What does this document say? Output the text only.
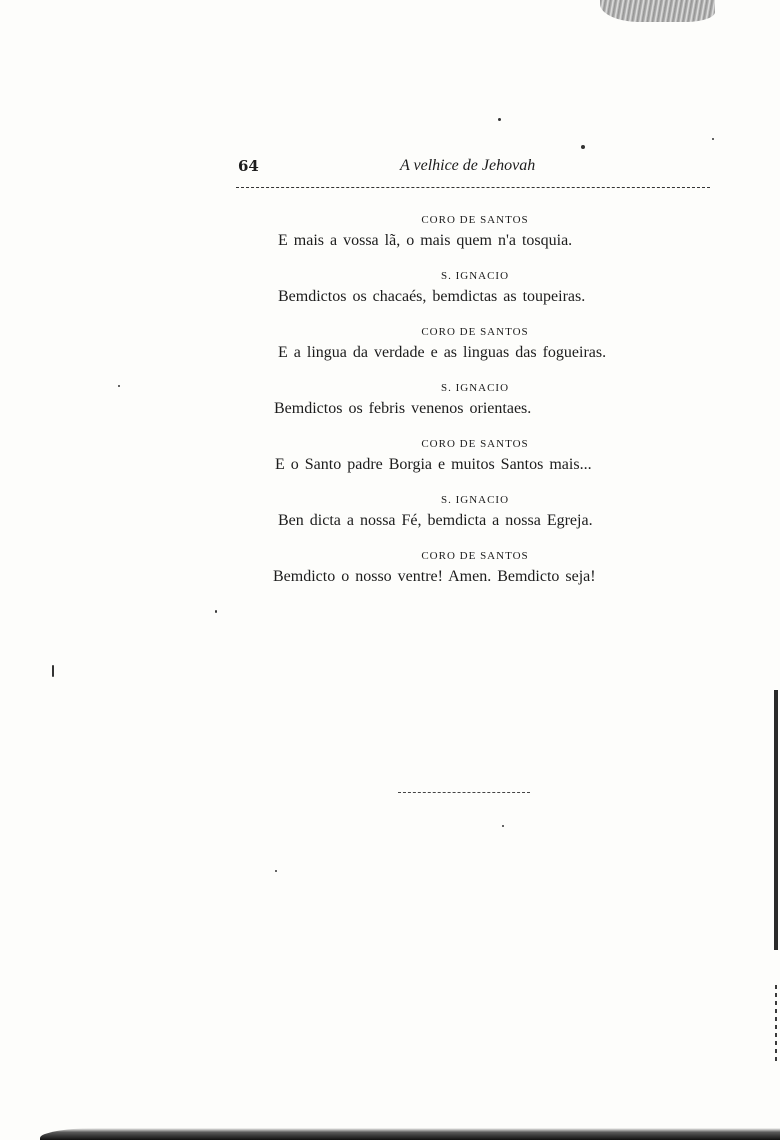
64	A velhice de Jehovah

CORO DE SANTOS

E mais a vossa lã, o mais quem n'a tosquia.

S. IGNACIO

Bemdictos os chacaés, bemdictas as toupeiras.

CORO DE SANTOS

E a lingua da verdade e as linguas das fogueiras.

S. IGNACIO

Bemdictos os febris venenos orientaes.

CORO DE SANTOS

E o Santo padre Borgia e muitos Santos mais...

S. IGNACIO

Ben dicta a nossa Fé, bemdicta a nossa Egreja.

CORO DE SANTOS

Bemdicto o nosso ventre! Amen. Bemdicto seja!
